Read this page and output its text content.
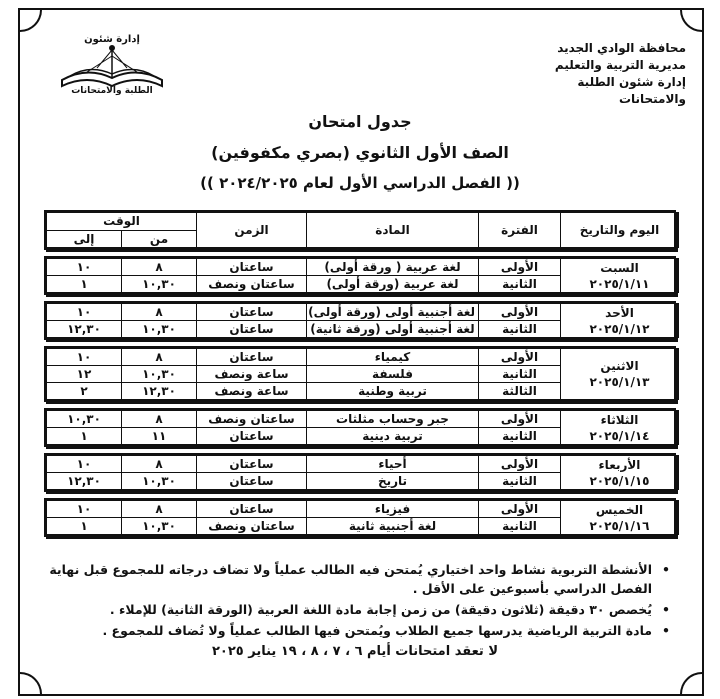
محافظة الوادي الجديد
مديرية التربية والتعليم
إدارة شئون الطلبة والامتحانات
إدارة شئون
الطلبة والامتحانات
جدول امتحان
الصف الأول الثانوي (بصري مكفوفين)
(( الفصل الدراسي الأول لعام ٢٠٢٤/٢٠٢٥ ))
اليوم والتاريخ	الفترة	المادة	الزمن	الوقت	
				من	إلى
السبت
٢٠٢٥/١/١١	الأولى	لغة عربية ( ورقة أولى)	ساعتان	٨	١٠
	الثانية	لغة عربية (ورقة أولى)	ساعتان ونصف	١٠,٣٠	١
الأحد
٢٠٢٥/١/١٢	الأولى	لغة أجنبية أولى (ورقة أولى)	ساعتان	٨	١٠
	الثانية	لغة أجنبية أولى (ورقة ثانية)	ساعتان	١٠,٣٠	١٢,٣٠
الاثنين
٢٠٢٥/١/١٣	الأولى	كيمياء	ساعتان	٨	١٠
	الثانية	فلسفة	ساعة ونصف	١٠,٣٠	١٢
	الثالثة	تربية وطنية	ساعة ونصف	١٢,٣٠	٢
الثلاثاء
٢٠٢٥/١/١٤	الأولى	جبر وحساب مثلثات	ساعتان ونصف	٨	١٠,٣٠
	الثانية	تربية دينية	ساعتان	١١	١
الأربعاء
٢٠٢٥/١/١٥	الأولى	أحياء	ساعتان	٨	١٠
	الثانية	تاريخ	ساعتان	١٠,٣٠	١٢,٣٠
الخميس
٢٠٢٥/١/١٦	الأولى	فيزياء	ساعتان	٨	١٠
	الثانية	لغة أجنبية ثانية	ساعتان ونصف	١٠,٣٠	١
•
الأنشطة التربوية نشاط واحد اختياري يُمتحن فيه الطالب عملياً ولا تضاف درجاته للمجموع قبل نهاية الفصل الدراسي بأسبوعين على الأقل .
•
يُخصص ٣٠ دقيقة (ثلاثون دقيقة) من زمن إجابة مادة اللغة العربية (الورقة الثانية) للإملاء .
•
مادة التربية الرياضية يدرسها جميع الطلاب ويُمتحن فيها الطالب عملياً ولا تُضاف للمجموع .
لا تعقد امتحانات أيام ٦ ، ٧ ، ٨ ، ١٩ يناير ٢٠٢٥
